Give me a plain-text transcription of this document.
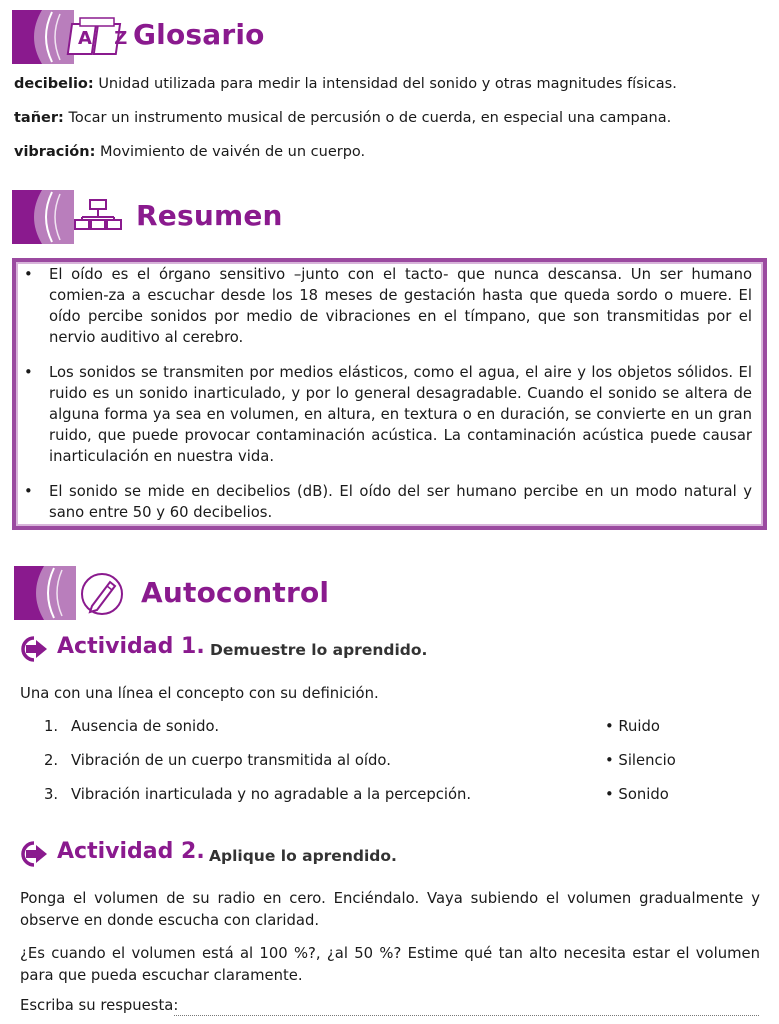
A Z
Glosario
decibelio: Unidad utilizada para medir la intensidad del sonido y otras magnitudes físicas.
tañer: Tocar un instrumento musical de percusión o de cuerda, en especial una campana.
vibración: Movimiento de vaivén de un cuerpo.
Resumen
• El oído es el órgano sensitivo –junto con el tacto- que nunca descansa. Un ser humano comien-za a escuchar desde los 18 meses de gestación hasta que queda sordo o muere. El oído percibe sonidos por medio de vibraciones en el tímpano, que son transmitidas por el nervio auditivo al cerebro.
• Los sonidos se transmiten por medios elásticos, como el agua, el aire y los objetos sólidos. El ruido es un sonido inarticulado, y por lo general desagradable. Cuando el sonido se altera de alguna forma ya sea en volumen, en altura, en textura o en duración, se convierte en un gran ruido, que puede provocar contaminación acústica. La contaminación acústica puede causar inarticulación en nuestra vida.
• El sonido se mide en decibelios (dB). El oído del ser humano percibe en un modo natural y sano entre 50 y 60 decibelios.
Autocontrol
Actividad 1. Demuestre lo aprendido.
Una con una línea el concepto con su definición.
1. Ausencia de sonido.
2. Vibración de un cuerpo transmitida al oído.
3. Vibración inarticulada y no agradable a la percepción.
• Ruido
• Silencio
• Sonido
Actividad 2. Aplique lo aprendido.
Ponga el volumen de su radio en cero. Enciéndalo. Vaya subiendo el volumen gradualmente y observe en donde escucha con claridad.
¿Es cuando el volumen está al 100 %?, ¿al 50 %? Estime qué tan alto necesita estar el volumen para que pueda escuchar claramente.
Escriba su respuesta:
